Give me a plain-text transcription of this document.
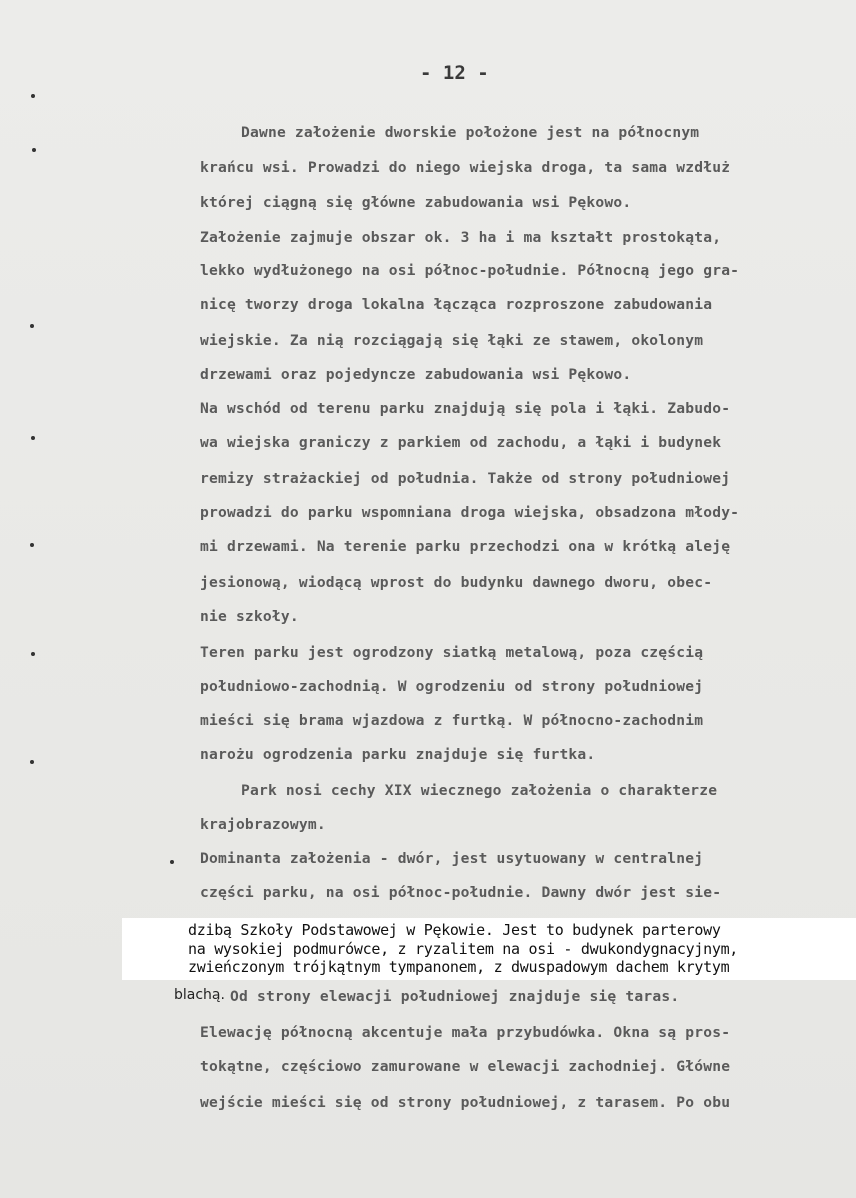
- 12 -
Dawne założenie dworskie położone jest na północnym
krańcu wsi. Prowadzi do niego wiejska droga, ta sama wzdłuż
której ciągną się główne zabudowania wsi Pękowo.
Założenie zajmuje obszar ok. 3 ha i ma kształt prostokąta,
lekko wydłużonego na osi północ-południe. Północną jego gra-
nicę tworzy droga lokalna łącząca rozproszone zabudowania
wiejskie. Za nią rozciągają się łąki ze stawem, okolonym
drzewami oraz pojedyncze zabudowania wsi Pękowo.
Na wschód od terenu parku znajdują się pola i łąki. Zabudo-
wa wiejska graniczy z parkiem od zachodu, a łąki i budynek
remizy strażackiej od południa. Także od strony południowej
prowadzi do parku wspomniana droga wiejska, obsadzona młody-
mi drzewami. Na terenie parku przechodzi ona w krótką aleję
jesionową, wiodącą wprost do budynku dawnego dworu, obec-
nie szkoły.
Teren parku jest ogrodzony siatką metalową, poza częścią
południowo-zachodnią. W ogrodzeniu od strony południowej
mieści się brama wjazdowa z furtką. W północno-zachodnim
narożu ogrodzenia parku znajduje się furtka.
Park nosi cechy XIX wiecznego założenia o charakterze
krajobrazowym.
Dominanta założenia - dwór, jest usytuowany w centralnej
części parku, na osi północ-południe. Dawny dwór jest sie-
dzibą Szkoły Podstawowej w Pękowie. Jest to budynek parterowy
na wysokiej podmurówce, z ryzalitem na osi - dwukondygnacyjnym,
zwieńczonym trójkątnym tympanonem, z dwuspadowym dachem krytym
blachą. Od strony elewacji południowej znajduje się taras.
Elewację północną akcentuje mała przybudówka. Okna są pros-
tokątne, częściowo zamurowane w elewacji zachodniej. Główne
wejście mieści się od strony południowej, z tarasem. Po obu
